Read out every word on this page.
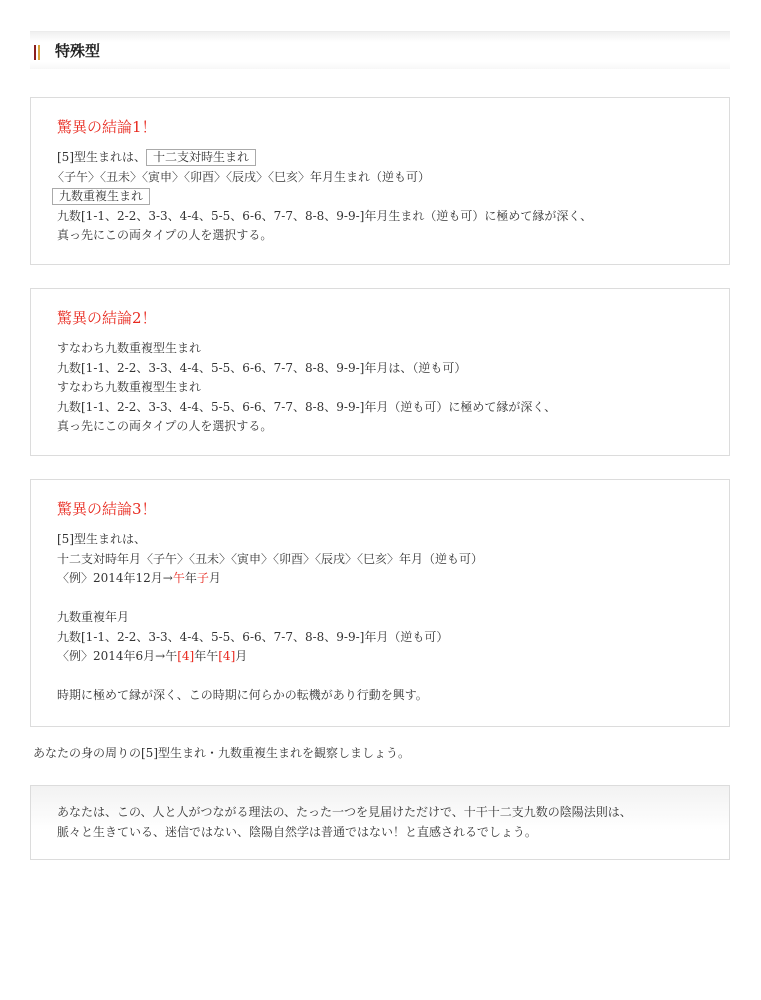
特殊型
驚異の結論1！
[5]型生まれは、 十二支対時生まれ
〈子午〉〈丑未〉〈寅申〉〈卯酉〉〈辰戌〉〈巳亥〉年月生まれ（逆も可）
九数重複生まれ
九数[1-1、2-2、3-3、4-4、5-5、6-6、7-7、8-8、9-9-]年月生まれ（逆も可）に極めて縁が深く、
真っ先にこの両タイプの人を選択する。
驚異の結論2！
すなわち九数重複型生まれ
九数[1-1、2-2、3-3、4-4、5-5、6-6、7-7、8-8、9-9-]年月は、（逆も可）
すなわち九数重複型生まれ
九数[1-1、2-2、3-3、4-4、5-5、6-6、7-7、8-8、9-9-]年月（逆も可）に極めて縁が深く、
真っ先にこの両タイプの人を選択する。
驚異の結論3！
[5]型生まれは、
十二支対時年月〈子午〉〈丑未〉〈寅申〉〈卯酉〉〈辰戌〉〈巳亥〉年月（逆も可）
〈例〉2014年12月→午年子月
九数重複年月
九数[1-1、2-2、3-3、4-4、5-5、6-6、7-7、8-8、9-9-]年月（逆も可）
〈例〉2014年6月→午[4]年午[4]月
時期に極めて縁が深く、この時期に何らかの転機があり行動を興す。
あなたの身の周りの[5]型生まれ・九数重複生まれを観察しましょう。
あなたは、この、人と人がつながる理法の、たった一つを見届けただけで、十干十二支九数の陰陽法則は、
脈々と生きている、迷信ではない、陰陽自然学は普通ではない！と直感されるでしょう。
